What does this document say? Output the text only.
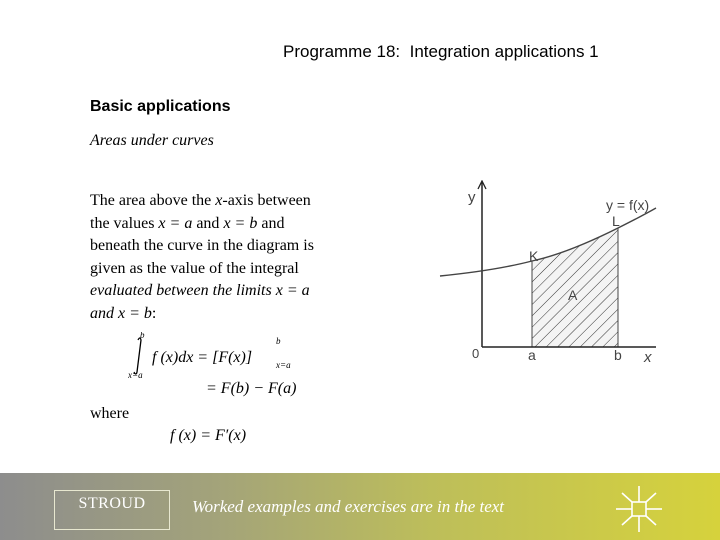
Programme 18:  Integration applications 1
Basic applications
Areas under curves
The area above the x-axis between
the values x = a and x = b and
beneath the curve in the diagram is
given as the value of the integral
evaluated between the limits x = a
and x = b:
b
x=a
f (x)dx = [F(x)]
b
x=a
= F(b) − F(a)
where
f (x) = F′(x)
y
x
y = f(x)
L
K
A
0	a	b
STROUD	Worked examples and exercises are in the text
